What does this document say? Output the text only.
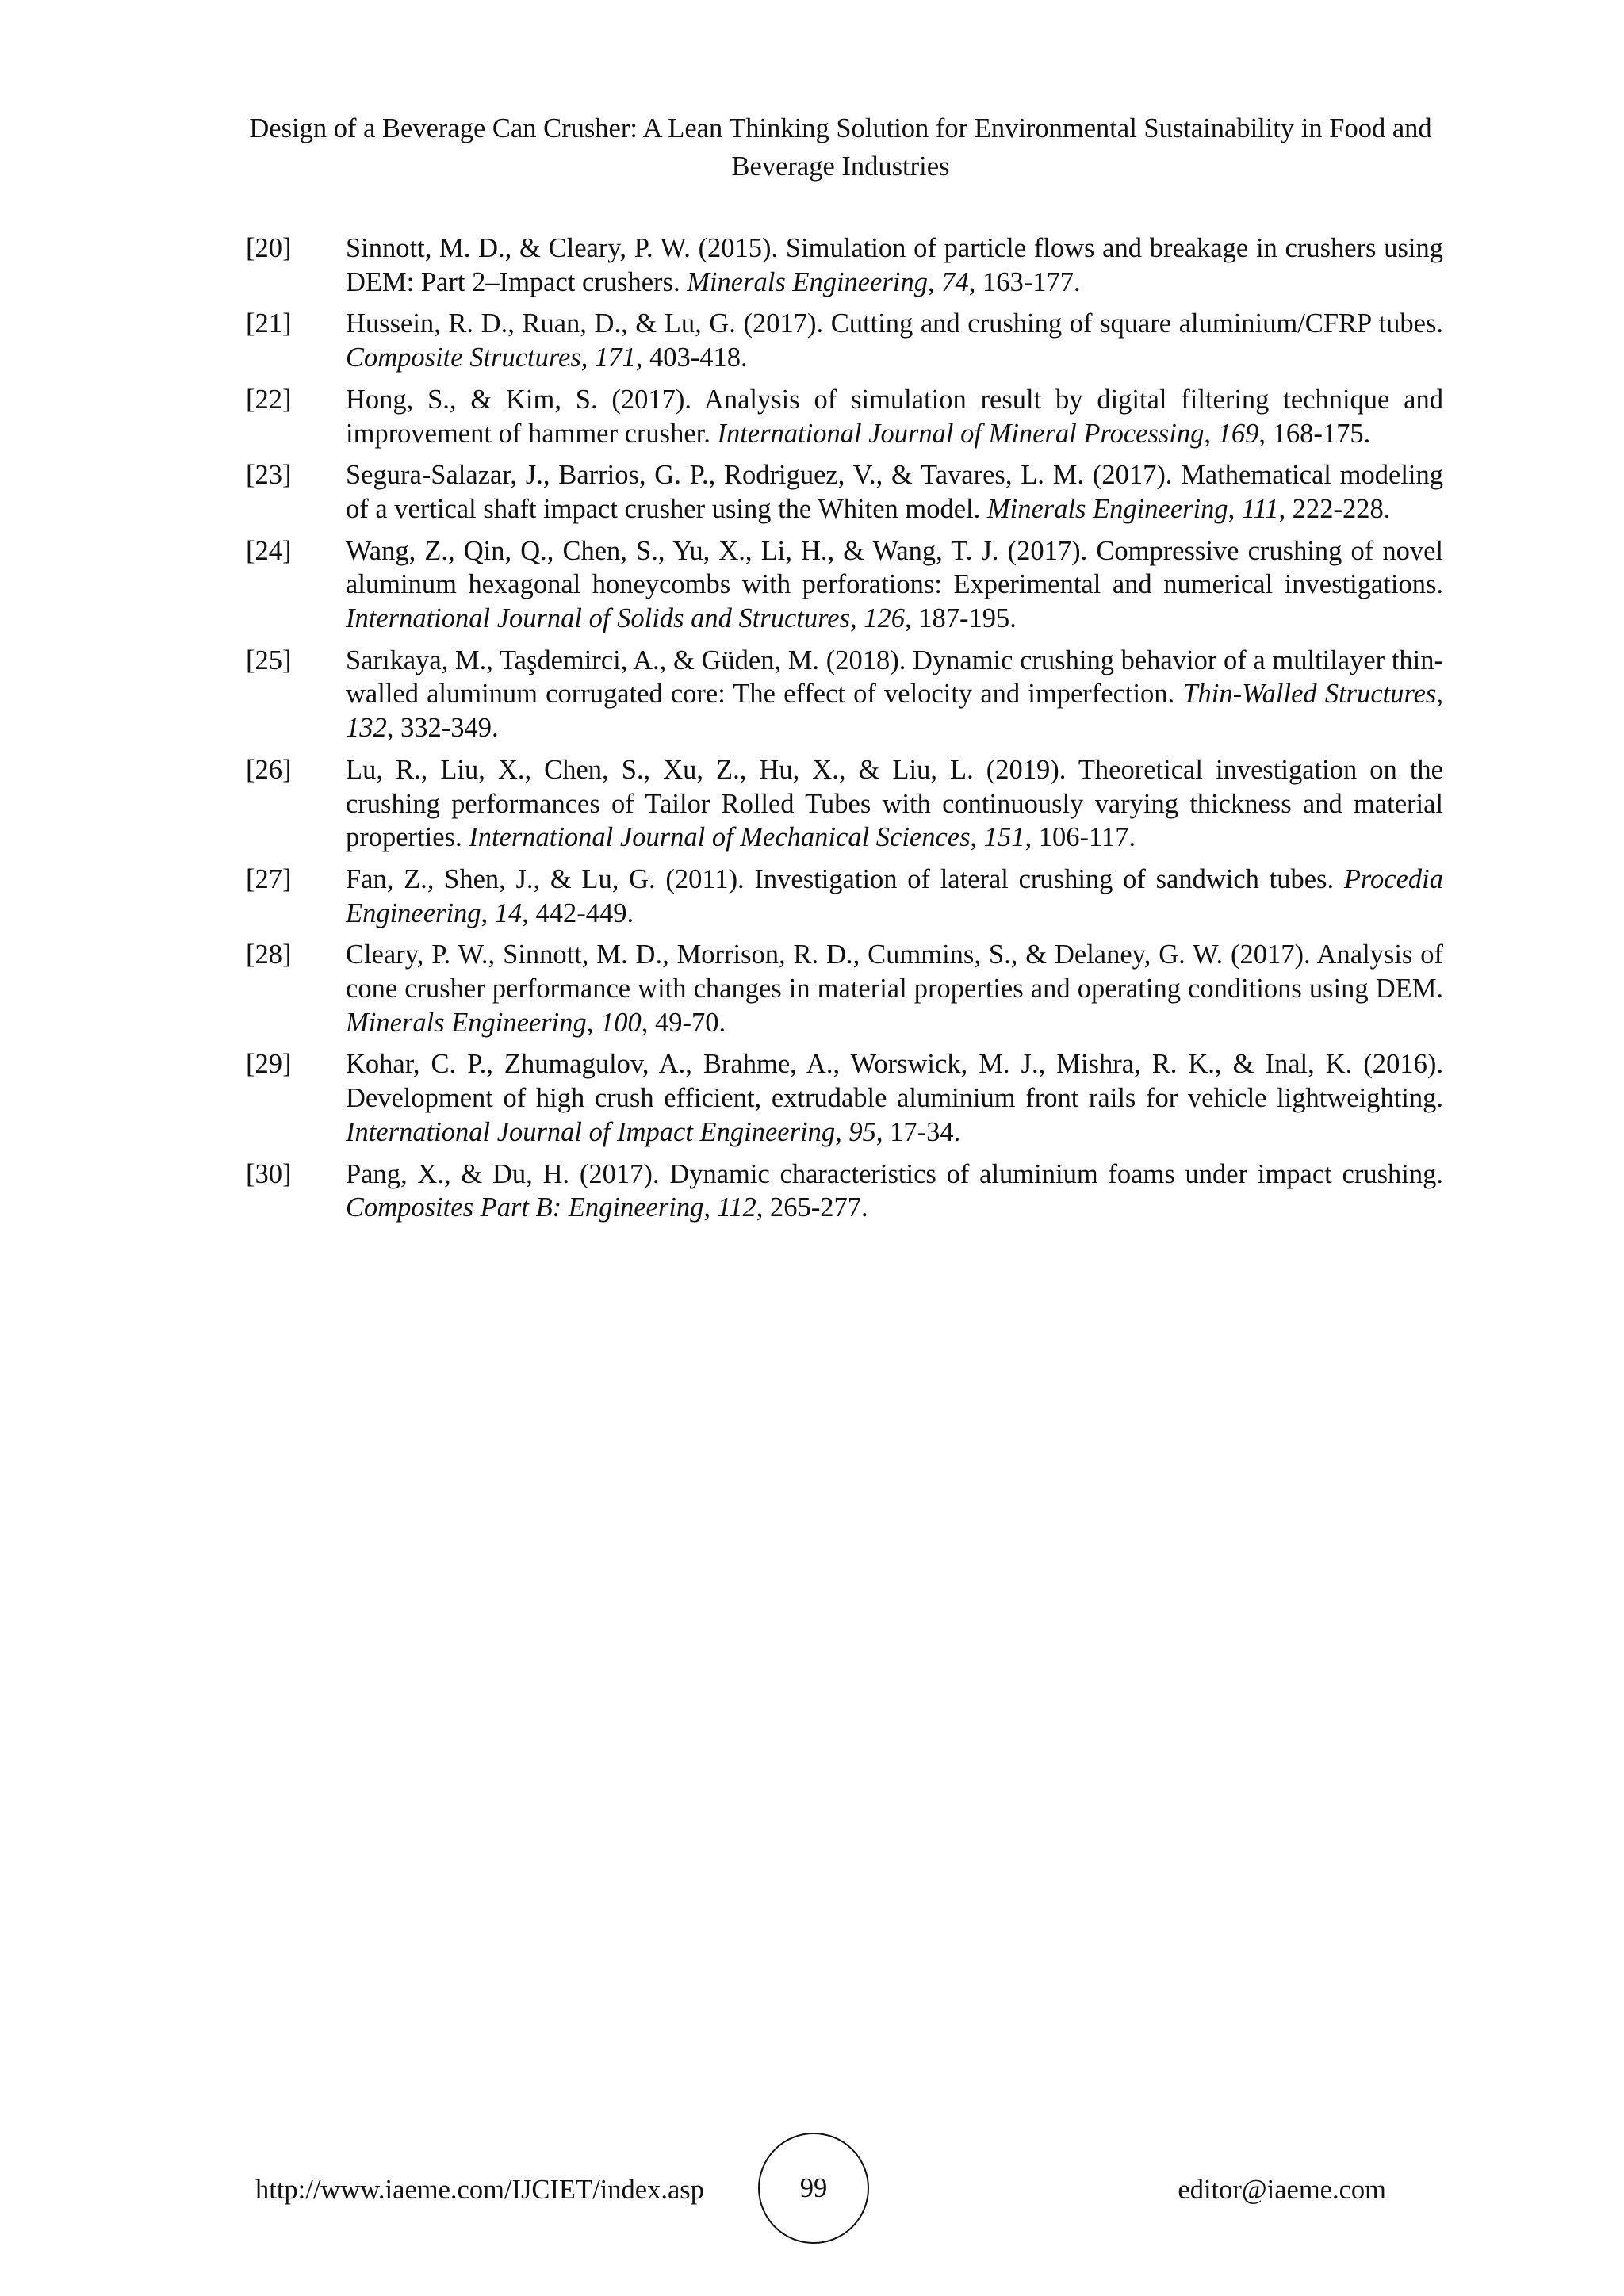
Design of a Beverage Can Crusher: A Lean Thinking Solution for Environmental Sustainability in Food and Beverage Industries
[20] Sinnott, M. D., & Cleary, P. W. (2015). Simulation of particle flows and breakage in crushers using DEM: Part 2–Impact crushers. Minerals Engineering, 74, 163-177.
[21] Hussein, R. D., Ruan, D., & Lu, G. (2017). Cutting and crushing of square aluminium/CFRP tubes. Composite Structures, 171, 403-418.
[22] Hong, S., & Kim, S. (2017). Analysis of simulation result by digital filtering technique and improvement of hammer crusher. International Journal of Mineral Processing, 169, 168-175.
[23] Segura-Salazar, J., Barrios, G. P., Rodriguez, V., & Tavares, L. M. (2017). Mathematical modeling of a vertical shaft impact crusher using the Whiten model. Minerals Engineering, 111, 222-228.
[24] Wang, Z., Qin, Q., Chen, S., Yu, X., Li, H., & Wang, T. J. (2017). Compressive crushing of novel aluminum hexagonal honeycombs with perforations: Experimental and numerical investigations. International Journal of Solids and Structures, 126, 187-195.
[25] Sarıkaya, M., Taşdemirci, A., & Güden, M. (2018). Dynamic crushing behavior of a multilayer thin-walled aluminum corrugated core: The effect of velocity and imperfection. Thin-Walled Structures, 132, 332-349.
[26] Lu, R., Liu, X., Chen, S., Xu, Z., Hu, X., & Liu, L. (2019). Theoretical investigation on the crushing performances of Tailor Rolled Tubes with continuously varying thickness and material properties. International Journal of Mechanical Sciences, 151, 106-117.
[27] Fan, Z., Shen, J., & Lu, G. (2011). Investigation of lateral crushing of sandwich tubes. Procedia Engineering, 14, 442-449.
[28] Cleary, P. W., Sinnott, M. D., Morrison, R. D., Cummins, S., & Delaney, G. W. (2017). Analysis of cone crusher performance with changes in material properties and operating conditions using DEM. Minerals Engineering, 100, 49-70.
[29] Kohar, C. P., Zhumagulov, A., Brahme, A., Worswick, M. J., Mishra, R. K., & Inal, K. (2016). Development of high crush efficient, extrudable aluminium front rails for vehicle lightweighting. International Journal of Impact Engineering, 95, 17-34.
[30] Pang, X., & Du, H. (2017). Dynamic characteristics of aluminium foams under impact crushing. Composites Part B: Engineering, 112, 265-277.
http://www.iaeme.com/IJCIET/index.asp	99	editor@iaeme.com
